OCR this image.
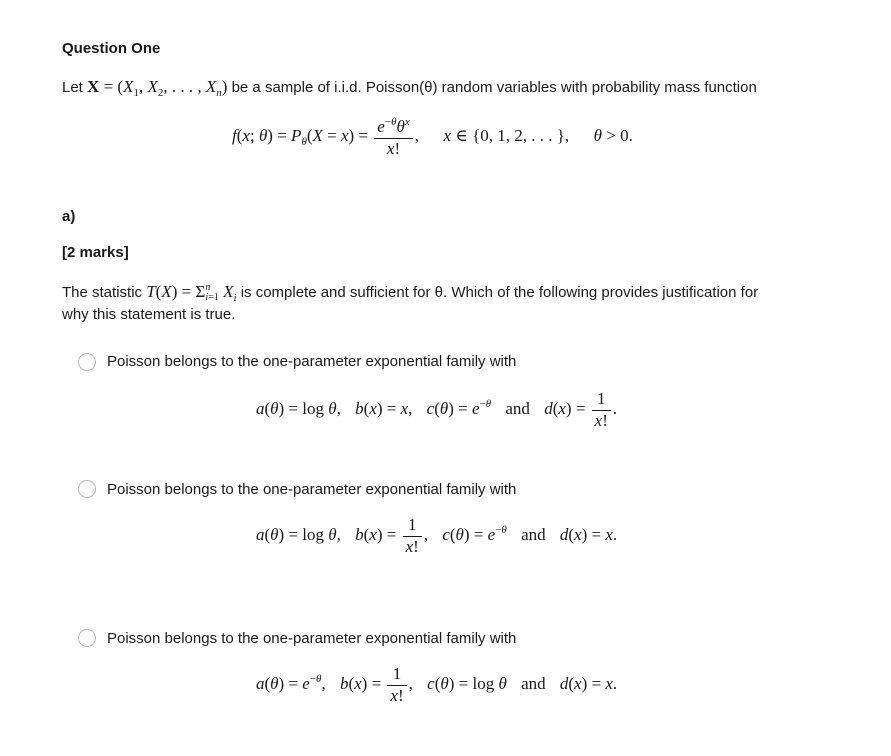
Question One
Let $X = (X_1$, $X_2$, . . . , $X_n$) be a sample of i.i.d. Poisson(θ) random variables with probability mass function
f(x; $\theta) = P_\theta(X = x) = \frac{e^{-\theta}\theta^x}{x!}$ ,  x ∈ {0, 1, 2, . . . },  θ > 0.
a)
[2 marks]
The statistic T(X) = Σ n
i=1 $X_i$ is complete and sufficient for θ. Which of the following provides justification for
why this statement is true.
Poisson belongs to the one-parameter exponential family with
a(θ) = log θ, b(x) = x, $c(\theta) = e^{-\theta}$ and $d(x) = \frac{1}{x!}$ .
Poisson belongs to the one-parameter exponential family with
a(θ) = log θ, $b(x) = \frac{1}{x!}$ , $c(\theta) = e^{-\theta}$ and d(x) = x.
Poisson belongs to the one-parameter exponential family with
$a(\theta) = e^{-\theta}$, $b(x) = \frac{1}{x!}$ , c(θ) = log θ and d(x) = x.
